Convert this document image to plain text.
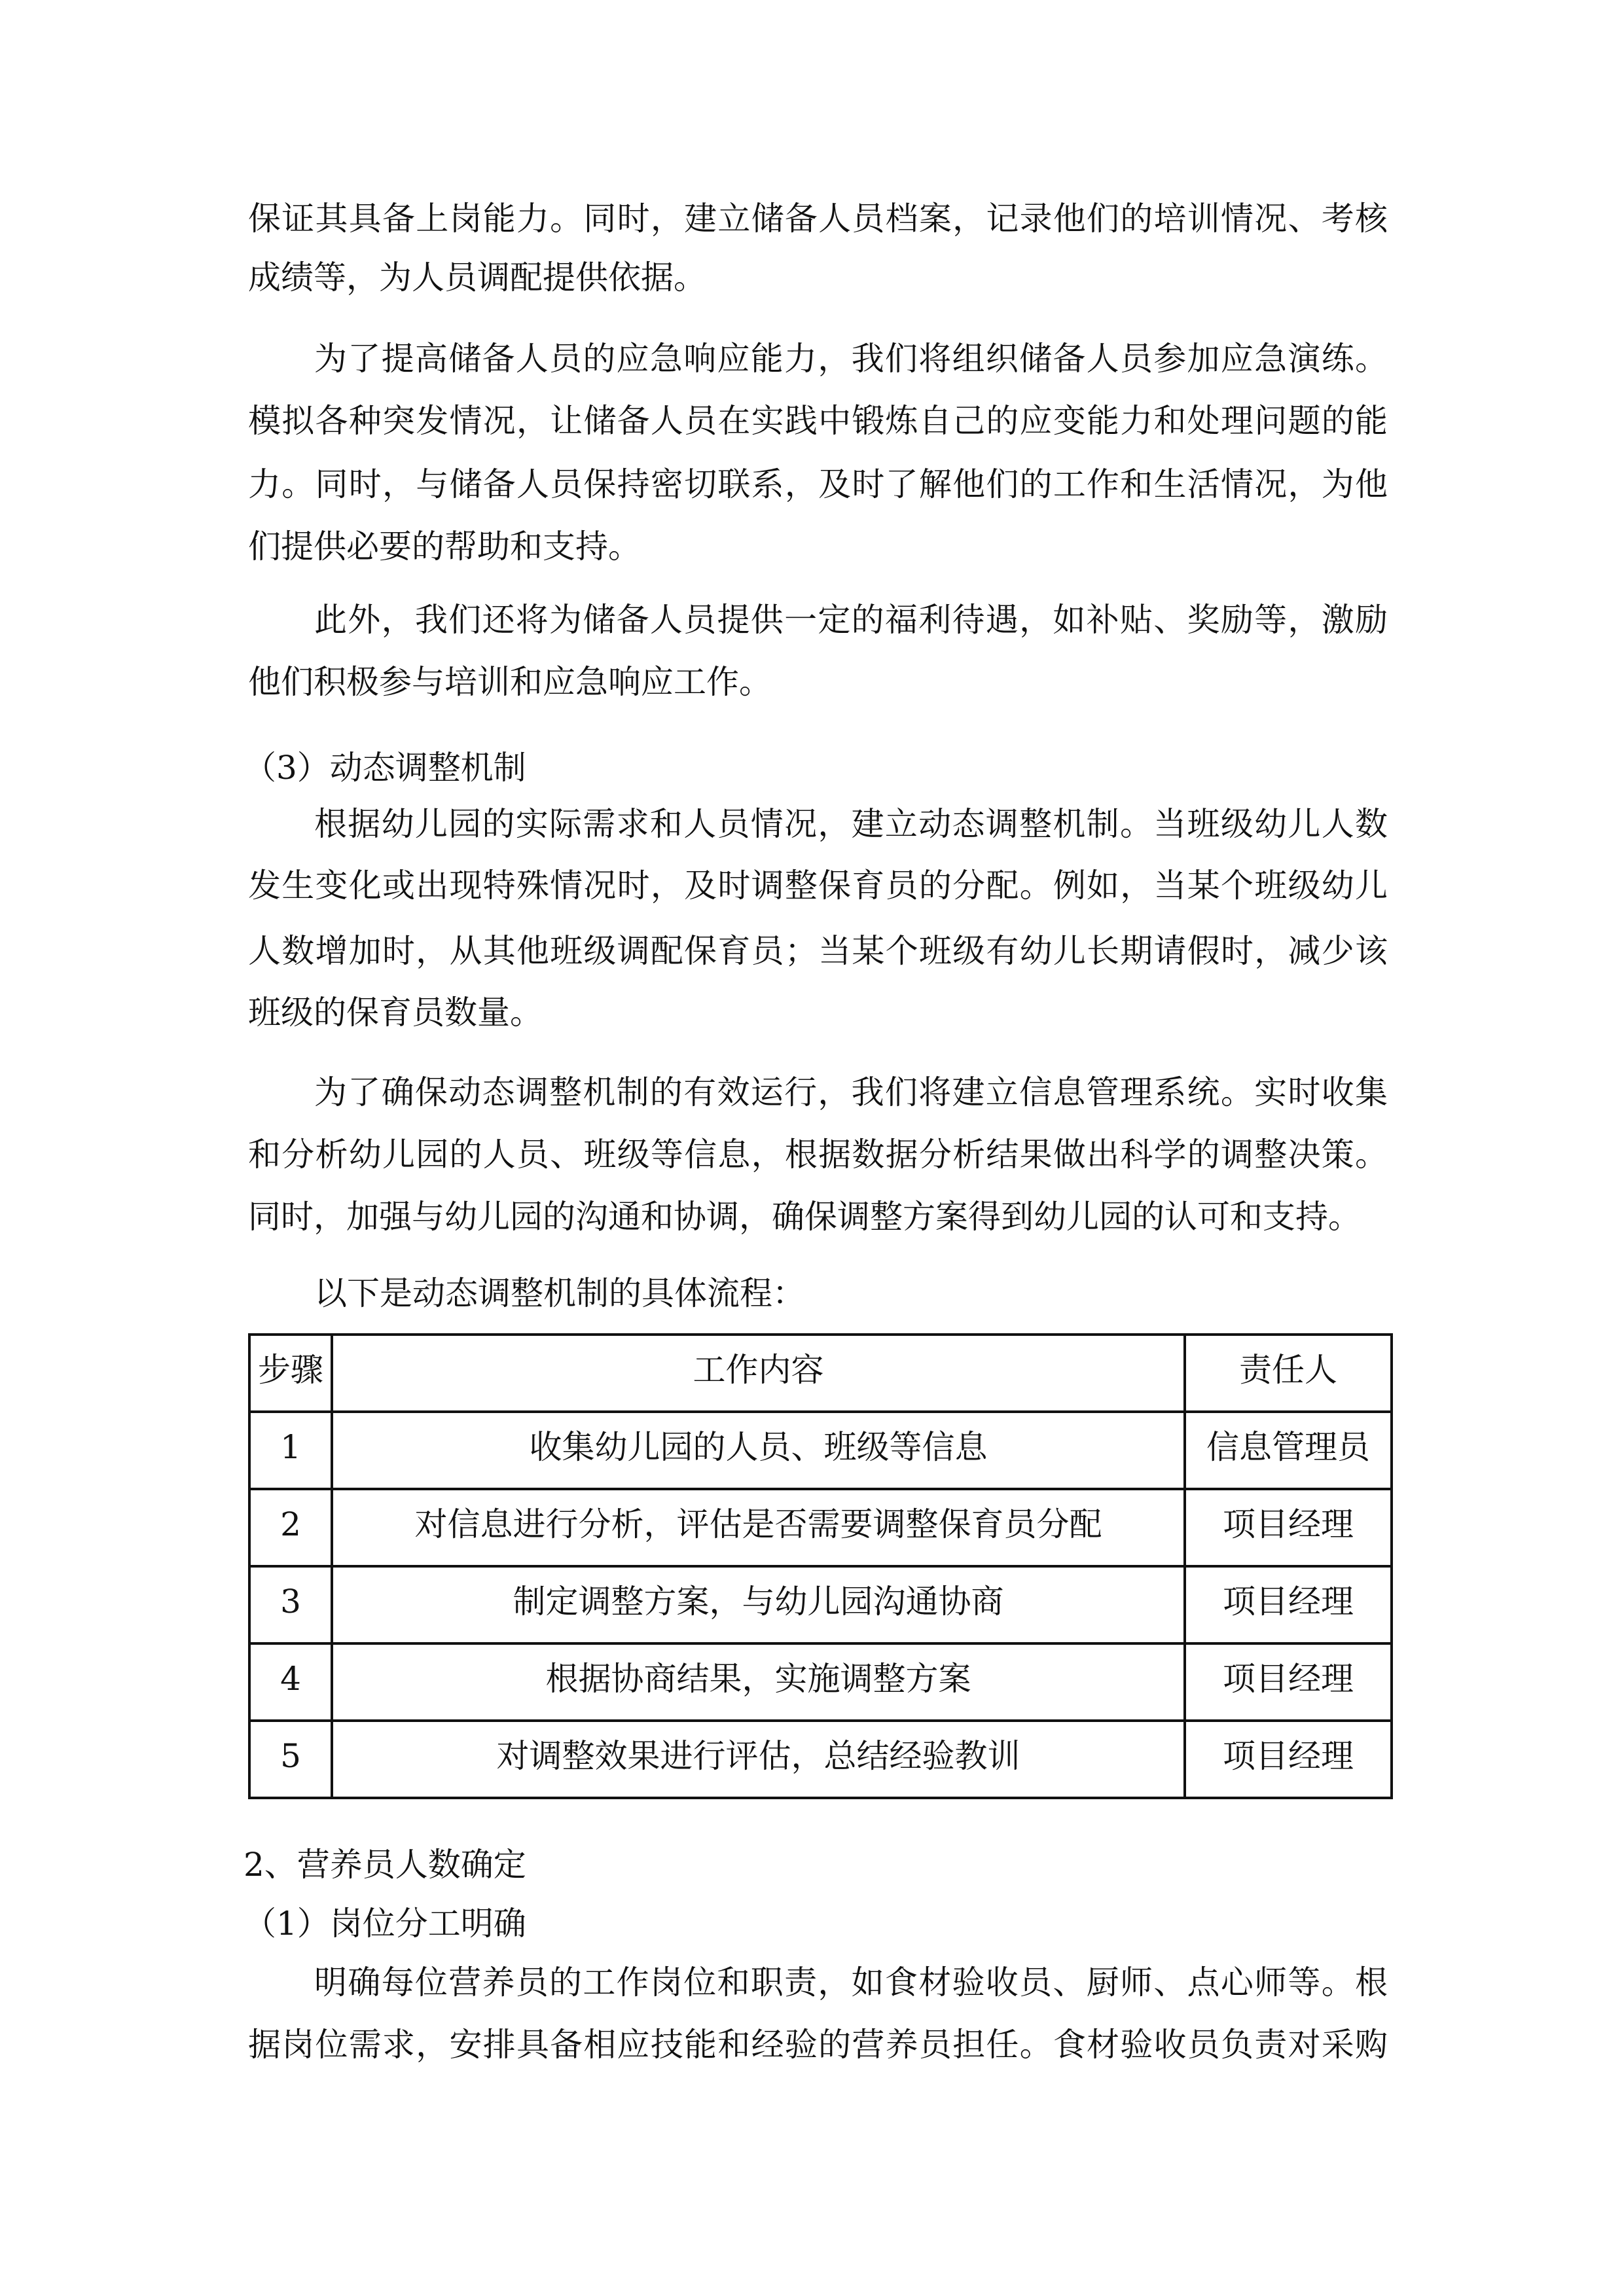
保证其具备上岗能力。同时，建立储备人员档案，记录他们的培训情况、考核
成绩等，为人员调配提供依据。
为了提高储备人员的应急响应能力，我们将组织储备人员参加应急演练。
模拟各种突发情况，让储备人员在实践中锻炼自己的应变能力和处理问题的能
力。同时，与储备人员保持密切联系，及时了解他们的工作和生活情况，为他
们提供必要的帮助和支持。
此外，我们还将为储备人员提供一定的福利待遇，如补贴、奖励等，激励
他们积极参与培训和应急响应工作。
（3）动态调整机制
根据幼儿园的实际需求和人员情况，建立动态调整机制。当班级幼儿人数
发生变化或出现特殊情况时，及时调整保育员的分配。例如，当某个班级幼儿
人数增加时，从其他班级调配保育员；当某个班级有幼儿长期请假时，减少该
班级的保育员数量。
为了确保动态调整机制的有效运行，我们将建立信息管理系统。实时收集
和分析幼儿园的人员、班级等信息，根据数据分析结果做出科学的调整决策。
同时，加强与幼儿园的沟通和协调，确保调整方案得到幼儿园的认可和支持。
以下是动态调整机制的具体流程：
2、营养员人数确定
（1）岗位分工明确
明确每位营养员的工作岗位和职责，如食材验收员、厨师、点心师等。根
据岗位需求，安排具备相应技能和经验的营养员担任。食材验收员负责对采购
步骤	工作内容	责任人
1	收集幼儿园的人员、班级等信息	信息管理员
2	对信息进行分析，评估是否需要调整保育员分配	项目经理
3	制定调整方案，与幼儿园沟通协商	项目经理
4	根据协商结果，实施调整方案	项目经理
5	对调整效果进行评估，总结经验教训	项目经理
